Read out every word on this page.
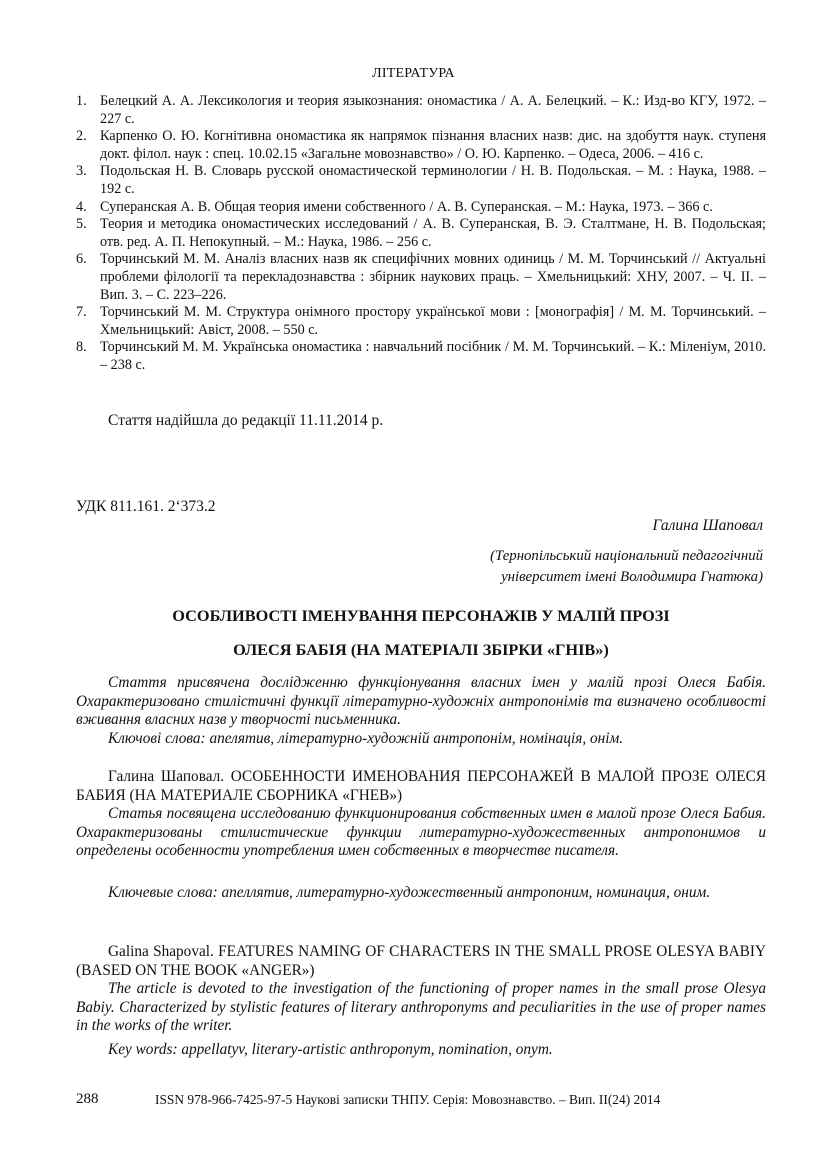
ЛІТЕРАТУРА
1. Белецкий А. А. Лексикология и теория языкознания: ономастика / А. А. Белецкий. – К.: Изд-во КГУ, 1972. – 227 с.
2. Карпенко О. Ю. Когнітивна ономастика як напрямок пізнання власних назв: дис. на здобуття наук. ступеня докт. філол. наук : спец. 10.02.15 «Загальне мовознавство» / О. Ю. Карпенко. – Одеса, 2006. – 416 с.
3. Подольская Н. В. Словарь русской ономастической терминологии / Н. В. Подольская. – М. : Наука, 1988. – 192 с.
4. Суперанская А. В. Общая теория имени собственного / А. В. Суперанская. – М.: Наука, 1973. – 366 с.
5. Теория и методика ономастических исследований / А. В. Суперанская, В. Э. Сталтмане, Н. В. Подольская; отв. ред. А. П. Непокупный. – М.: Наука, 1986. – 256 с.
6. Торчинський М. М. Аналіз власних назв як специфічних мовних одиниць / М. М. Торчинський // Актуальні проблеми філології та перекладознавства : збірник наукових праць. – Хмельницький: ХНУ, 2007. – Ч. ІІ. – Вип. 3. – С. 223–226.
7. Торчинський М. М. Структура онімного простору української мови : [монографія] / М. М. Торчинський. – Хмельницький: Авіст, 2008. – 550 с.
8. Торчинський М. М. Українська ономастика : навчальний посібник / М. М. Торчинський. – К.: Міленіум, 2010. – 238 с.
Стаття надійшла до редакції 11.11.2014 р.
УДК 811.161. 2‘373.2
Галина Шаповал
(Тернопільський національний педагогічний
університет імені Володимира Гнатюка)
ОСОБЛИВОСТІ ІМЕНУВАННЯ ПЕРСОНАЖІВ У МАЛІЙ ПРОЗІ
ОЛЕСЯ БАБІЯ (НА МАТЕРІАЛІ ЗБІРКИ «ГНІВ»)

Стаття присвячена дослідженню функціонування власних імен у малій прозі Олеся Бабія. Охарактеризовано стилістичні функції літературно-художніх антропонімів та визначено особливості вживання власних назв у творчості письменника.

Ключові слова: апелятив, літературно-художній антропонім, номінація, онім.

Галина Шаповал. ОСОБЕННОСТИ ИМЕНОВАНИЯ ПЕРСОНАЖЕЙ В МАЛОЙ ПРОЗЕ ОЛЕСЯ БАБИЯ (НА МАТЕРИАЛЕ СБОРНИКА «ГНЕВ»)

Статья посвящена исследованию функционирования собственных имен в малой прозе Олеся Бабия. Охарактеризованы стилистические функции литературно-художественных антропонимов и определены особенности употребления имен собственных в творчестве писателя.

Ключевые слова: апеллятив, литературно-художественный антропоним, номинация, оним.

Galina Shapoval. FEATURES NAMING OF CHARACTERS IN THE SMALL PROSE OLESYA BABIY (BASED ON THE BOOK «ANGER»)

The article is devoted to the investigation of the functioning of proper names in the small prose Olesya Babiy. Characterized by stylistic features of literary anthroponyms and peculiarities in the use of proper names in the works of the writer.

Key words: appellatyv, literary-artistic anthroponym, nomination, onym.

288	ISSN 978-966-7425-97-5 Наукові записки ТНПУ. Серія: Мовознавство. – Вип. ІІ(24) 2014
